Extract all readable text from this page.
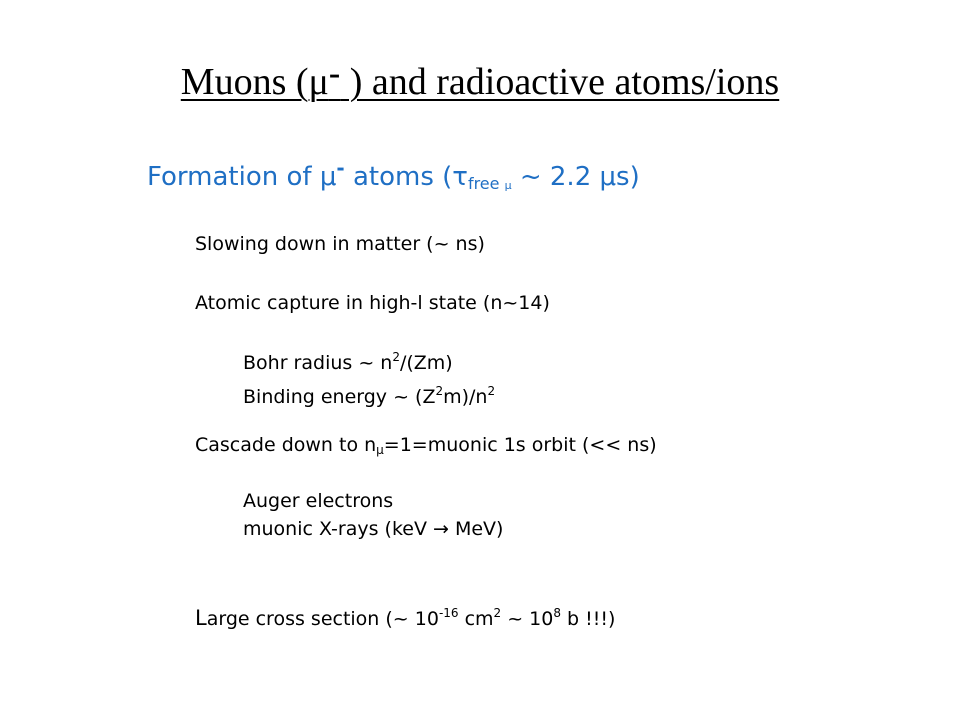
Muons (μ- ) and radioactive atoms/ions
Formation of μ- atoms ($\tau_{free \mu}$ ~ 2.2 μs)
Slowing down in matter (~ ns)
Atomic capture in high-l state (n~14)
Bohr radius ~ $n^2/(Zm)$
Binding energy ~ $(Z^2m)/n^2$
Cascade down to $n_\mu=1=muonic$ 1s orbit (<< ns)
Auger electrons
muonic X-rays (keV → MeV)
Large cross section (~ $10^{-16}$ $cm^2$ ~ $10^8$ b !!!)
